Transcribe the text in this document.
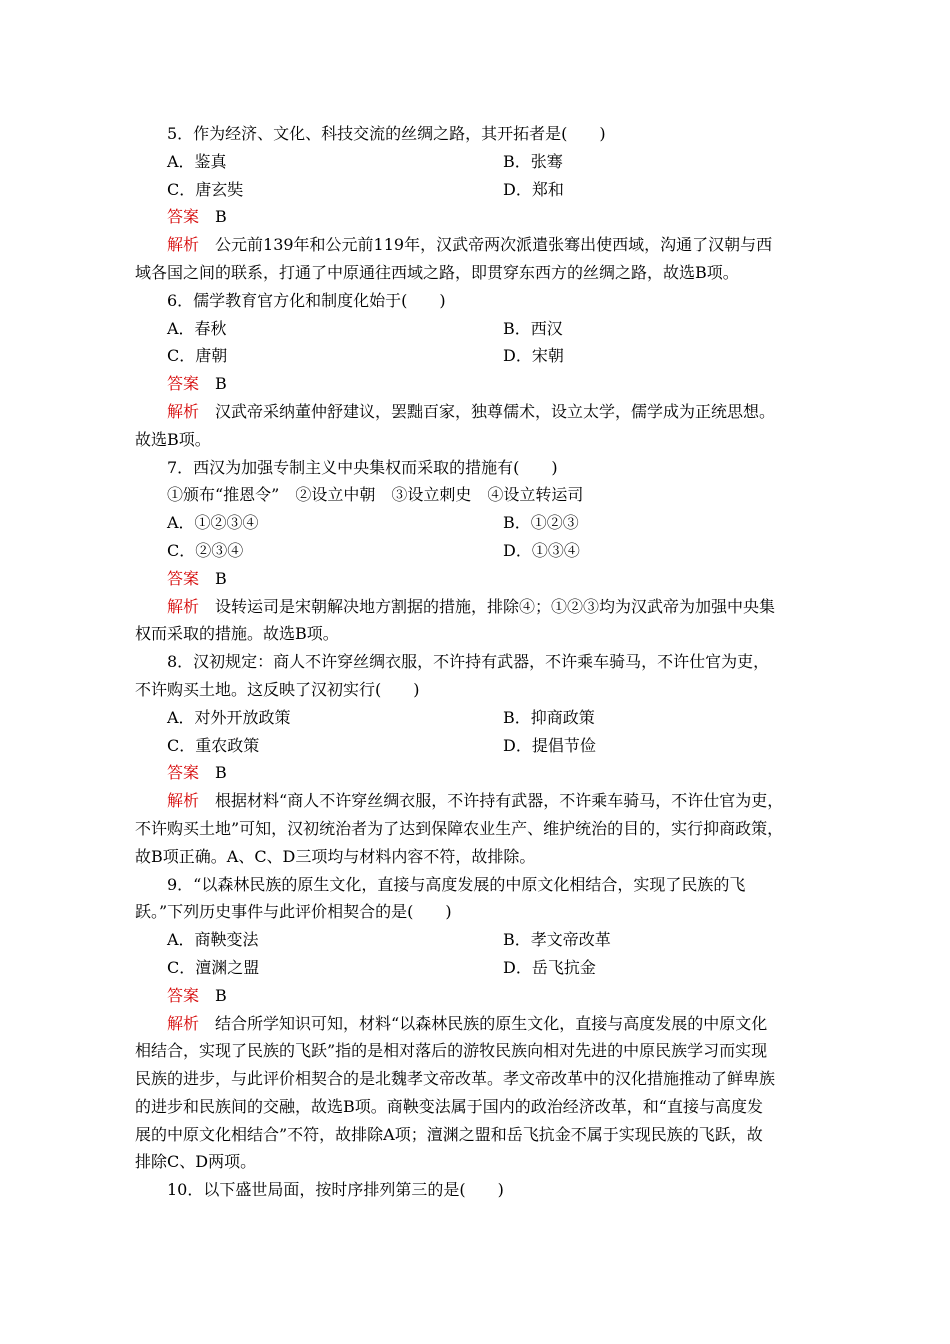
5．作为经济、文化、科技交流的丝绸之路，其开拓者是(　　)
A．鉴真	B．张骞
C．唐玄奘	D．郑和
答案 B
解析 公元前139年和公元前119年，汉武帝两次派遣张骞出使西域，沟通了汉朝与西
域各国之间的联系，打通了中原通往西域之路，即贯穿东西方的丝绸之路，故选B项。
6．儒学教育官方化和制度化始于(　　)
A．春秋	B．西汉
C．唐朝	D．宋朝
答案 B
解析 汉武帝采纳董仲舒建议，罢黜百家，独尊儒术，设立太学，儒学成为正统思想。
故选B项。
7．西汉为加强专制主义中央集权而采取的措施有(　　)
①颁布“推恩令”　②设立中朝　③设立刺史　④设立转运司
A．①②③④	B．①②③
C．②③④	D．①③④
答案 B
解析 设转运司是宋朝解决地方割据的措施，排除④；①②③均为汉武帝为加强中央集
权而采取的措施。故选B项。
8．汉初规定：商人不许穿丝绸衣服，不许持有武器，不许乘车骑马，不许仕官为吏，
不许购买土地。这反映了汉初实行(　　)
A．对外开放政策	B．抑商政策
C．重农政策	D．提倡节俭
答案 B
解析 根据材料“商人不许穿丝绸衣服，不许持有武器，不许乘车骑马，不许仕官为吏，
不许购买土地”可知，汉初统治者为了达到保障农业生产、维护统治的目的，实行抑商政策，
故B项正确。A、C、D三项均与材料内容不符，故排除。
9．“以森林民族的原生文化，直接与高度发展的中原文化相结合，实现了民族的飞
跃。”下列历史事件与此评价相契合的是(　　)
A．商鞅变法	B．孝文帝改革
C．澶渊之盟	D．岳飞抗金
答案 B
解析 结合所学知识可知，材料“以森林民族的原生文化，直接与高度发展的中原文化
相结合，实现了民族的飞跃”指的是相对落后的游牧民族向相对先进的中原民族学习而实现
民族的进步，与此评价相契合的是北魏孝文帝改革。孝文帝改革中的汉化措施推动了鲜卑族
的进步和民族间的交融，故选B项。商鞅变法属于国内的政治经济改革，和“直接与高度发
展的中原文化相结合”不符，故排除A项；澶渊之盟和岳飞抗金不属于实现民族的飞跃，故
排除C、D两项。
10．以下盛世局面，按时序排列第三的是(　　)
